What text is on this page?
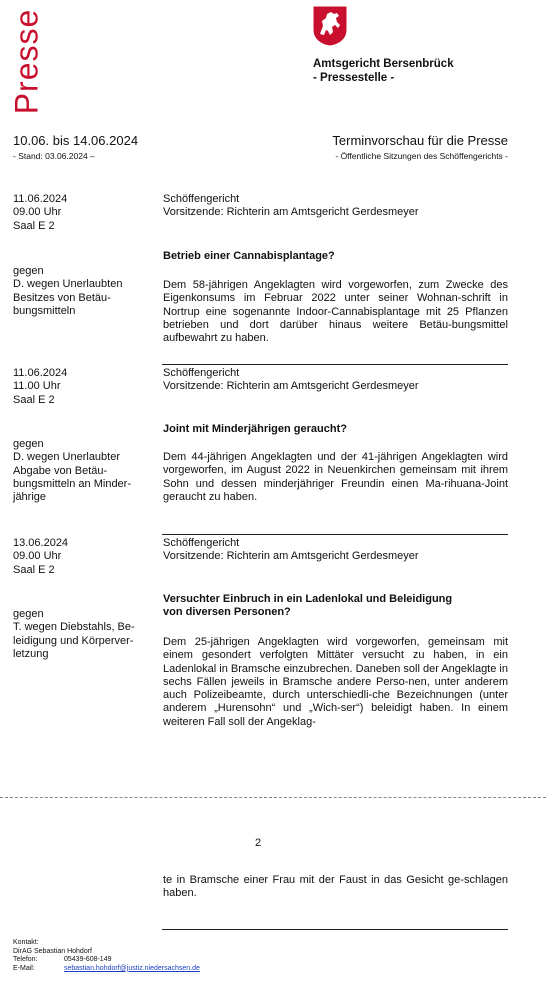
Presse	Amtsgericht Bersenbrück
- Pressestelle -
10.06. bis 14.06.2024
- Stand: 03.06.2024 –
Terminvorschau für die Presse
- Öffentliche Sitzungen des Schöffengerichts -
11.06.2024
09.00 Uhr
Saal E 2
Schöffengericht
Vorsitzende: Richterin am Amtsgericht Gerdesmeyer
Betrieb einer Cannabisplantage?
gegen
D. wegen Unerlaubten
Besitzes von Betäu-
bungsmitteln
Dem 58-jährigen Angeklagten wird vorgeworfen, zum Zwecke des Eigenkonsums im Februar 2022 unter seiner Wohnan-schrift in Nortrup eine sogenannte Indoor-Cannabisplantage mit 25 Pflanzen betrieben und dort darüber hinaus weitere Betäu-bungsmittel aufbewahrt zu haben.
11.06.2024
11.00 Uhr
Saal E 2
Schöffengericht
Vorsitzende: Richterin am Amtsgericht Gerdesmeyer
Joint mit Minderjährigen geraucht?
gegen
D. wegen Unerlaubter
Abgabe von Betäu-
bungsmitteln an Minder-
jährige
Dem 44-jährigen Angeklagten und der 41-jährigen Angeklagten wird vorgeworfen, im August 2022 in Neuenkirchen gemeinsam mit ihrem Sohn und dessen minderjähriger Freundin einen Ma-rihuana-Joint geraucht zu haben.
13.06.2024
09.00 Uhr
Saal E 2
Schöffengericht
Vorsitzende: Richterin am Amtsgericht Gerdesmeyer
Versuchter Einbruch in ein Ladenlokal und Beleidigung
von diversen Personen?
gegen
T. wegen Diebstahls, Be-
leidigung und Körperver-
letzung
Dem 25-jährigen Angeklagten wird vorgeworfen, gemeinsam mit einem gesondert verfolgten Mittäter versucht zu haben, in ein Ladenlokal in Bramsche einzubrechen. Daneben soll der Angeklagte in sechs Fällen jeweils in Bramsche andere Perso-nen, unter anderem auch Polizeibeamte, durch unterschiedli-che Bezeichnungen (unter anderem „Hurensohn“ und „Wich-ser“) beleidigt haben. In einem weiteren Fall soll der Angeklag-
2
te in Bramsche einer Frau mit der Faust in das Gesicht ge-schlagen haben.
Kontakt:
DirAG Sebastian Hohdorf
Telefon:	05439-608-149
E-Mail:	sebastian.hohdorf@justiz.niedersachsen.de
